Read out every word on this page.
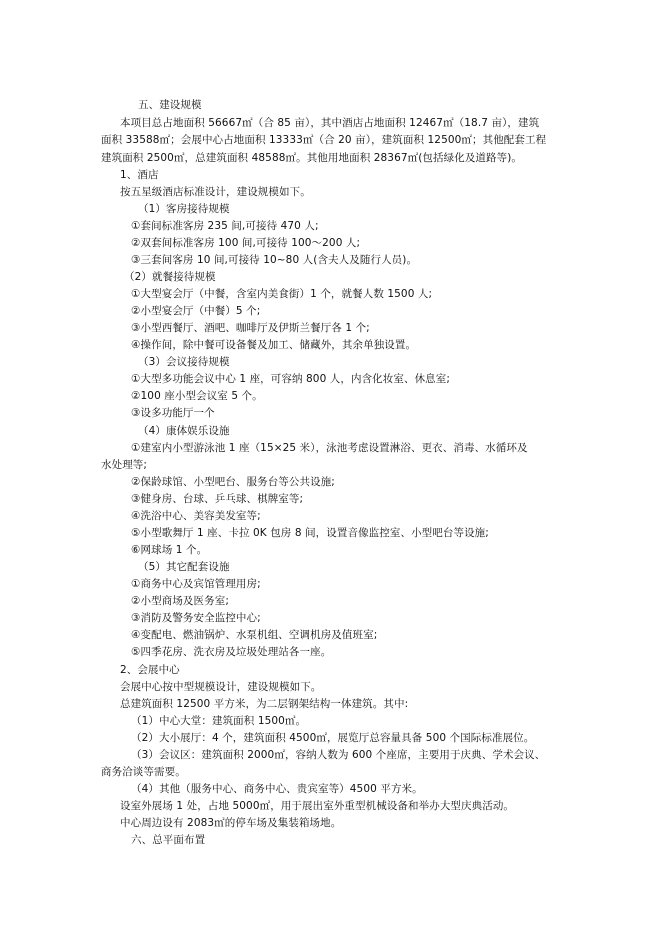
五、建设规模
本项目总占地面积 56667㎡（合 85 亩），其中酒店占地面积 12467㎡（18.7 亩），建筑
面积 33588㎡；会展中心占地面积 13333㎡（合 20 亩），建筑面积 12500㎡；其他配套工程
建筑面积 2500㎡，总建筑面积 48588㎡。其他用地面积 28367㎡(包括绿化及道路等)。
1、酒店
按五星级酒店标准设计，建设规模如下。
（1）客房接待规模
①套间标准客房 235 间,可接待 470 人;
②双套间标准客房 100 间,可接待 100～200 人;
③三套间客房 10 间,可接待 10~80 人(含夫人及随行人员)。
（2）就餐接待规模
①大型宴会厅（中餐，含室内美食街）1 个，就餐人数 1500 人;
②小型宴会厅（中餐）5 个;
③小型西餐厅、酒吧、咖啡厅及伊斯兰餐厅各 1 个;
④操作间，除中餐可设备餐及加工、储藏外，其余单独设置。
（3）会议接待规模
①大型多功能会议中心 1 座，可容纳 800 人，内含化妆室、休息室;
②100 座小型会议室 5 个。
③设多功能厅一个
（4）康体娱乐设施
①建室内小型游泳池 1 座（15×25 米），泳池考虑设置淋浴、更衣、消毒、水循环及
水处理等;
②保龄球馆、小型吧台、服务台等公共设施;
③健身房、台球、乒乓球、棋牌室等;
④洗浴中心、美容美发室等;
⑤小型歌舞厅 1 座、卡拉 0K 包房 8 间，设置音像监控室、小型吧台等设施;
⑥网球场 1 个。
（5）其它配套设施
①商务中心及宾馆管理用房;
②小型商场及医务室;
③消防及警务安全监控中心;
④变配电、燃油锅炉、水泵机组、空调机房及值班室;
⑤四季花房、洗衣房及垃圾处理站各一座。
2、会展中心
会展中心按中型规模设计，建设规模如下。
总建筑面积 12500 平方米，为二层钢架结构一体建筑。其中:
（1）中心大堂：建筑面积 1500㎡。
（2）大小展厅：4 个，建筑面积 4500㎡，展览厅总容量具备 500 个国际标准展位。
（3）会议区：建筑面积 2000㎡，容纳人数为 600 个座席，主要用于庆典、学术会议、
商务洽谈等需要。
（4）其他（服务中心、商务中心、贵宾室等）4500 平方米。
设室外展场 1 处，占地 5000㎡，用于展出室外重型机械设备和举办大型庆典活动。
中心周边设有 2083㎡的停车场及集装箱场地。
六、总平面布置
